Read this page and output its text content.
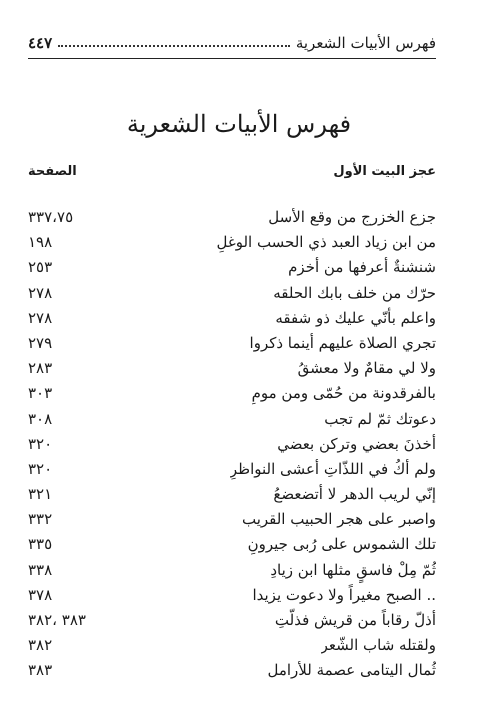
فهرس الأبيات الشعرية
٤٤٧
فهرس الأبيات الشعرية
عجز البيت الأول
الصفحة
جزع الخزرج من وقع الأسل
٣٣٧،٧٥
من ابن زياد العبد ذي الحسب الوغلِ
١٩٨
شنشنةٌ أعرفها من أخزم
٢٥٣
حرّك من خلف بابك الحلقه
٢٧٨
واعلم بأنّي عليك ذو شفقه
٢٧٨
تجري الصلاة عليهم أينما ذكروا
٢٧٩
ولا لي مقامٌ ولا معشقُ
٢٨٣
بالفرقدونة من حُمّى ومن مومِ
٣٠٣
دعوتك ثمّ لم تجب
٣٠٨
أخذنَ بعضي وتركن بعضي
٣٢٠
ولم أكُ في اللذّاتِ أعشى النواظرِ
٣٢٠
إنّي لريب الدهر لا أتضعضعُ
٣٢١
واصبر على هجر الحبيب القريب
٣٣٢
تلك الشموس على رُبى جيرونِ
٣٣٥
ثُمّ مِلْ فاسقٍ مثلها ابن زيادِ
٣٣٨
.. الصبح مغيراً ولا دعوت يزيدا
٣٧٨
أذلّ رقاباً من قريش فذلّتِ
٣٨٣ ،٣٨٢
ولقتله شاب الشّعر
٣٨٢
ثُمال اليتامى عصمة للأرامل
٣٨٣
